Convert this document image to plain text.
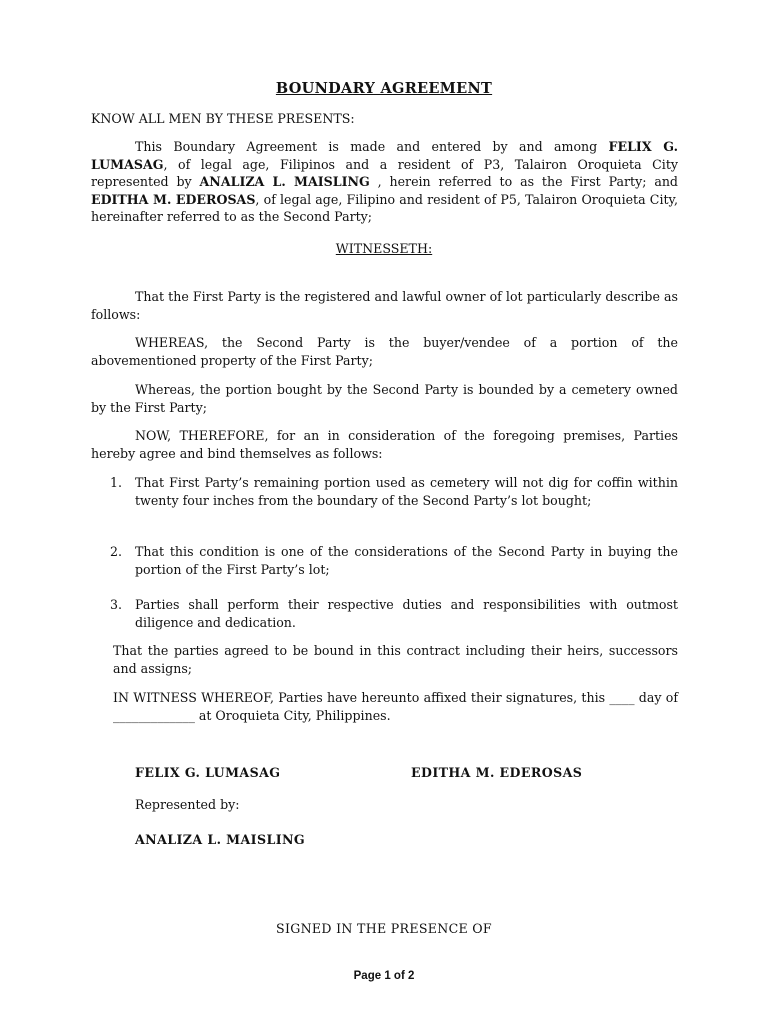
BOUNDARY AGREEMENT

KNOW ALL MEN BY THESE PRESENTS:

This Boundary Agreement is made and entered by and among FELIX G. LUMASAG, of legal age, Filipinos and a resident of P3, Talairon Oroquieta City represented by ANALIZA L. MAISLING , herein referred to as the First Party; and EDITHA M. EDEROSAS, of legal age, Filipino and resident of P5, Talairon Oroquieta City, hereinafter referred to as the Second Party;

WITNESSETH:

That the First Party is the registered and lawful owner of lot particularly describe as follows:

WHEREAS, the Second Party is the buyer/vendee of a portion of the abovementioned property of the First Party;

Whereas, the portion bought by the Second Party is bounded by a cemetery owned by the First Party;

NOW, THEREFORE, for an in consideration of the foregoing premises, Parties hereby agree and bind themselves as follows:

1.	That First Party’s remaining portion used as cemetery will not dig for coffin within twenty four inches from the boundary of the Second Party’s lot bought;
2.	That this condition is one of the considerations of the Second Party in buying the portion of the First Party’s lot;
3.	Parties shall perform their respective duties and responsibilities with outmost diligence and dedication.

That the parties agreed to be bound in this contract including their heirs, successors and assigns;

IN WITNESS WHEREOF, Parties have hereunto affixed their signatures, this ____ day of _____________ at Oroquieta City, Philippines.

FELIX G. LUMASAG	EDITHA M. EDEROSAS
Represented by:
ANALIZA L. MAISLING
SIGNED IN THE PRESENCE OF
Page 1 of 2
